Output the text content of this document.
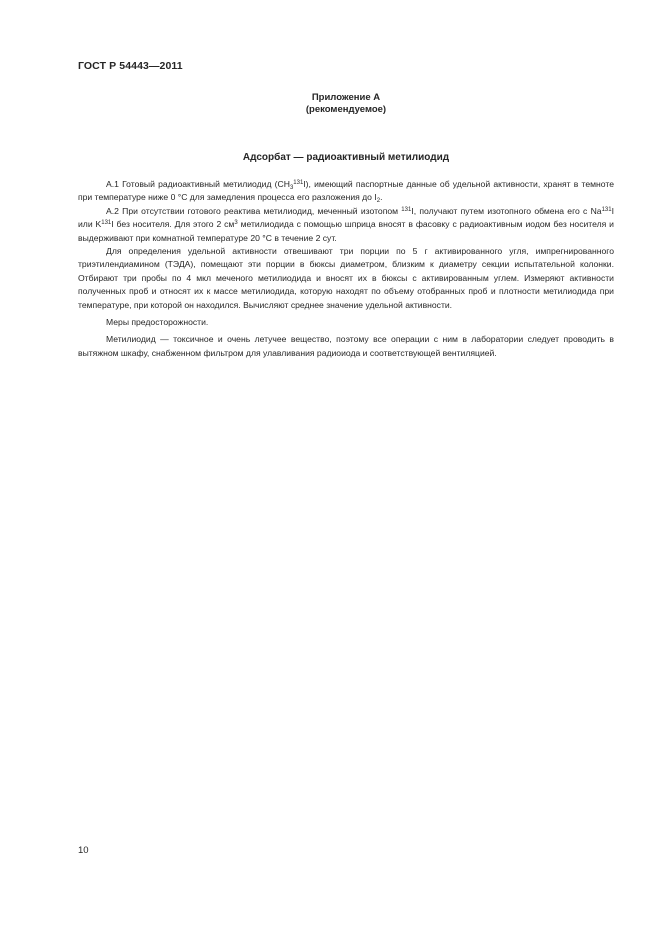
ГОСТ Р 54443—2011
Приложение А
(рекомендуемое)
Адсорбат — радиоактивный метилиодид

А.1 Готовый радиоактивный метилиодид $(CH_3^{131}I)$, имеющий паспортные данные об удельной активности, хранят в темноте при температуре ниже 0 °С для замедления процесса его разложения до $I_2$.

А.2 При отсутствии готового реактива метилиодид, меченный изотопом $^{131}$I, получают путем изотопного обмена его с Na$^{131}$I или $K^{131}I$ без носителя. Для этого 2 $см^3$ метилиодида с помощью шприца вносят в фасовку с радиоактивным иодом без носителя и выдерживают при комнатной температуре 20 °С в течение 2 сут.

Для определения удельной активности отвешивают три порции по 5 г активированного угля, импрегнированного триэтилендиамином (ТЭДА), помещают эти порции в бюксы диаметром, близким к диаметру секции испытательной колонки. Отбирают три пробы по 4 мкл меченого метилиодида и вносят их в бюксы с активированным углем. Измеряют активности полученных проб и относят их к массе метилиодида, которую находят по объему отобранных проб и плотности метилиодида при температуре, при которой он находился. Вычисляют среднее значение удельной активности.

Меры предосторожности.

Метилиодид — токсичное и очень летучее вещество, поэтому все операции с ним в лаборатории следует проводить в вытяжном шкафу, снабженном фильтром для улавливания радиоиода и соответствующей вентиляцией.

10
